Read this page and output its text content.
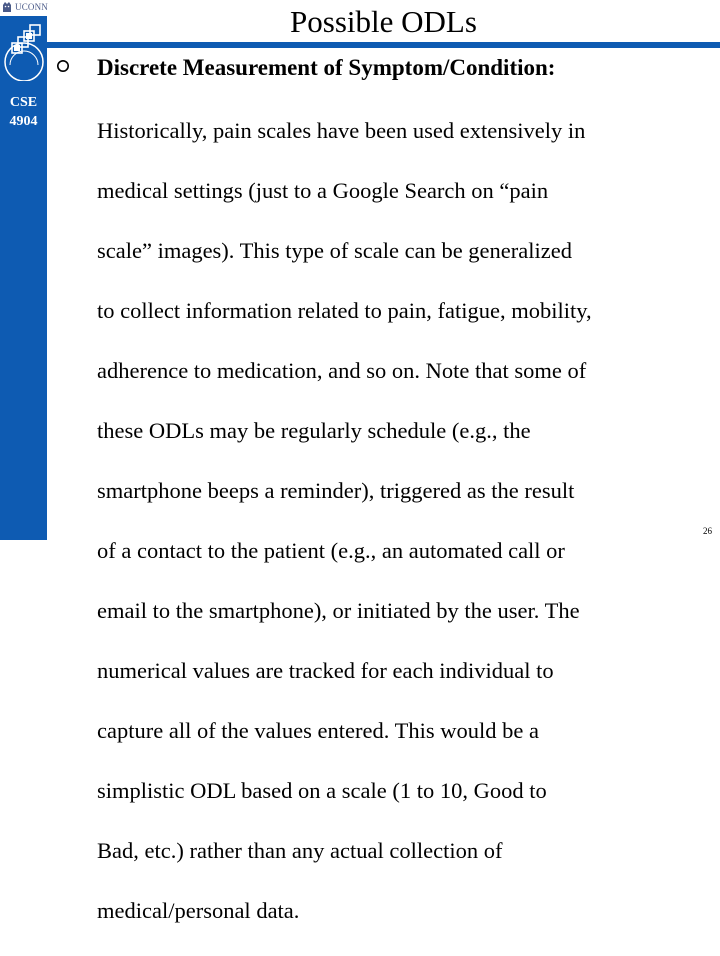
UCONN
CSE
4904
Possible ODLs
Discrete Measurement of Symptom/Condition:

Historically, pain scales have been used extensively in

medical settings (just to a Google Search on “pain

scale” images). This type of scale can be generalized

to collect information related to pain, fatigue, mobility,

adherence to medication, and so on. Note that some of

these ODLs may be regularly schedule (e.g., the

smartphone beeps a reminder), triggered as the result

of a contact to the patient (e.g., an automated call or

email to the smartphone), or initiated by the user. The

numerical values are tracked for each individual to

capture all of the values entered. This would be a

simplistic ODL based on a scale (1 to 10, Good to

Bad, etc.) rather than any actual collection of

medical/personal data.

26
